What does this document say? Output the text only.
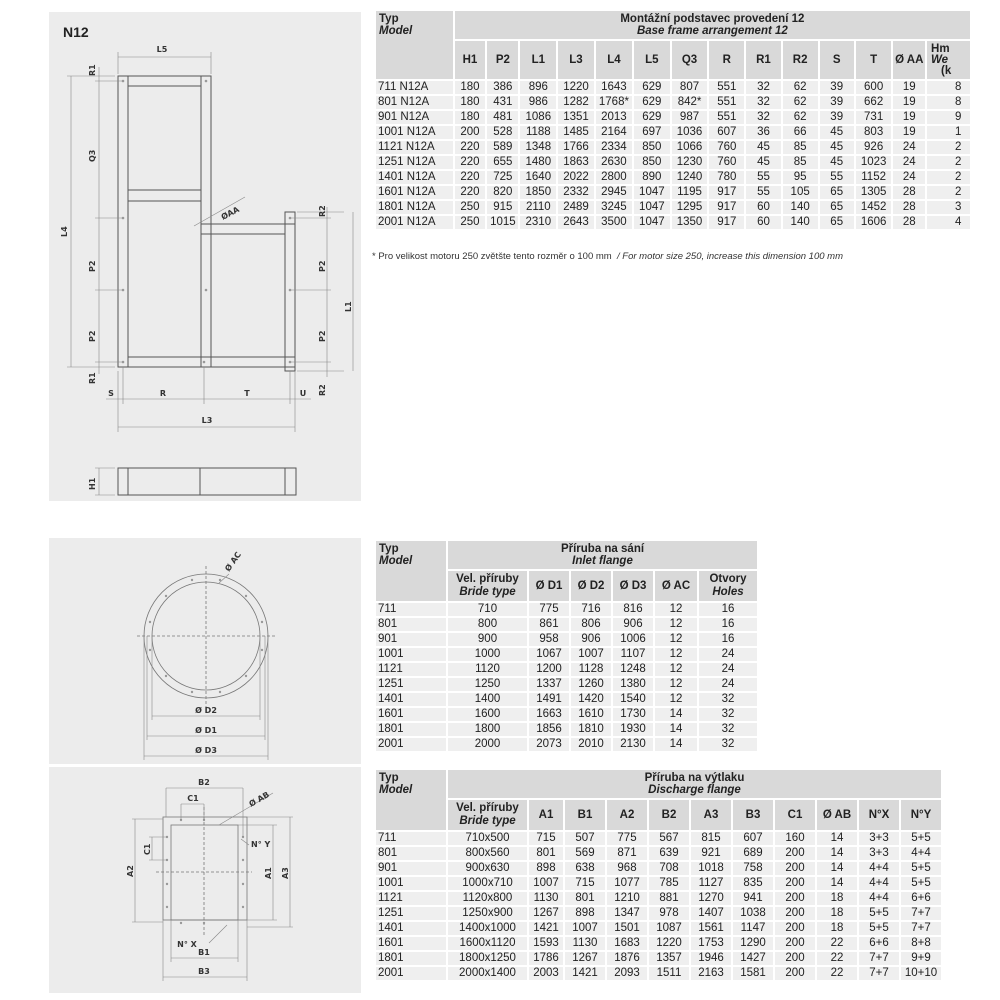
N12
L5
R1
Q3
L4
P2
P2
R1
ØAA	R2
P2
P2
L1
R2
S	R	T	U
L3
H1
Ø AC
Ø D2
Ø D1
Ø D3
B2
C1	Ø AB
N° Y
C1
A2	A1 A3
N° X
B1
B3
Typ
Model	Montážní podstavec provedení 12
Base frame arrangement 12													

	H1	P2	L1	L3	L4	L5	Q3	R	R1	R2	S	T	Ø AA	Hm
We
(k

711 N12A	180	386	896	1220	1643	629	807	551	32	62	39	600	19	8
801 N12A	180	431	986	1282	1768*	629	842*	551	32	62	39	662	19	8
901 N12A	180	481	1086	1351	2013	629	987	551	32	62	39	731	19	9
1001 N12A	200	528	1188	1485	2164	697	1036	607	36	66	45	803	19	1
1121 N12A	220	589	1348	1766	2334	850	1066	760	45	85	45	926	24	2
1251 N12A	220	655	1480	1863	2630	850	1230	760	45	85	45	1023	24	2
1401 N12A	220	725	1640	2022	2800	890	1240	780	55	95	55	1152	24	2
1601 N12A	220	820	1850	2332	2945	1047	1195	917	55	105	65	1305	28	2
1801 N12A	250	915	2110	2489	3245	1047	1295	917	60	140	65	1452	28	3
2001 N12A	250	1015	2310	2643	3500	1047	1350	917	60	140	65	1606	28	4
* Pro velikost motoru 250 zvětšte tento rozměr o 100 mm / For motor size 250, increase this dimension 100 mm
Typ
Model	Příruba na sání
Inlet flange					

	Vel. příruby
Bride type	Ø D1	Ø D2	Ø D3	Ø AC	Otvory
Holes

711	710	775	716	816	12	16
801	800	861	806	906	12	16
901	900	958	906	1006	12	16
1001	1000	1067	1007	1107	12	24
1121	1120	1200	1128	1248	12	24
1251	1250	1337	1260	1380	12	24
1401	1400	1491	1420	1540	12	32
1601	1600	1663	1610	1730	14	32
1801	1800	1856	1810	1930	14	32
2001	2000	2073	2010	2130	14	32
Typ
Model	Příruba na výtlaku
Discharge flange										

	Vel. příruby
Bride type	A1	B1	A2	B2	A3	B3	C1	Ø AB	N°X	N°Y
711	710x500	715	507	775	567	815	607	160	14	3+3	5+5
801	800x560	801	569	871	639	921	689	200	14	3+3	4+4
901	900x630	898	638	968	708	1018	758	200	14	4+4	5+5
1001	1000x710	1007	715	1077	785	1127	835	200	14	4+4	5+5
1121	1120x800	1130	801	1210	881	1270	941	200	18	4+4	6+6
1251	1250x900	1267	898	1347	978	1407	1038	200	18	5+5	7+7
1401	1400x1000	1421	1007	1501	1087	1561	1147	200	18	5+5	7+7
1601	1600x1120	1593	1130	1683	1220	1753	1290	200	22	6+6	8+8
1801	1800x1250	1786	1267	1876	1357	1946	1427	200	22	7+7	9+9
2001	2000x1400	2003	1421	2093	1511	2163	1581	200	22	7+7	10+10
